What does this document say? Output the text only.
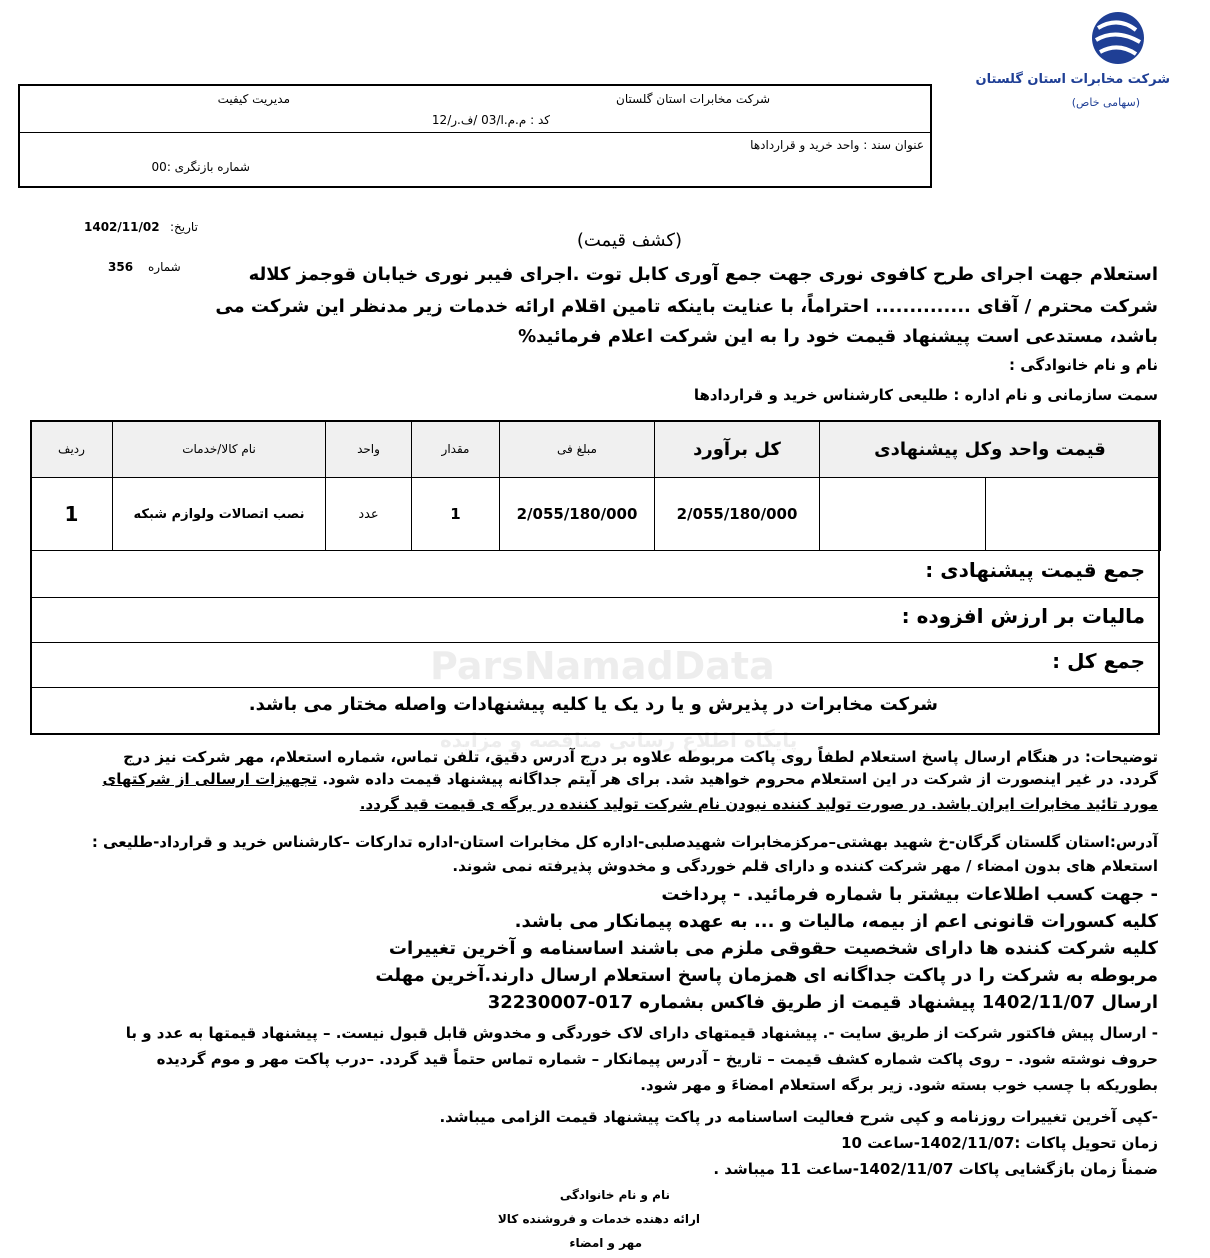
شرکت مخابرات استان گلستان
(سهامی خاص)
شرکت مخابرات استان گلستان
مدیریت کیفیت
کد : م.م.ا/03 /ف.ر/12
عنوان سند : واحد خرید و قراردادها
شماره بازنگری :00
1402/11/02 تاریخ:
356 شماره
(کشف قیمت)
استعلام جهت اجرای طرح کافوی نوری جهت جمع آوری کابل توت .اجرای فیبر نوری خیابان قوجمز کلاله
شرکت محترم / آقای .............. احتراماً، با عنایت باینکه تامین اقلام ارائه خدمات زیر مدنظر این شرکت می
باشد، مستدعی است پیشنهاد قیمت خود را به این شرکت اعلام فرمائید%
نام و نام خانوادگی :
سمت سازمانی و نام اداره : طلیعی کارشناس خرید و قراردادها
قیمت واحد وکل پیشنهادی		کل برآورد	مبلغ فی	مقدار	واحد	نام کالا/خدمات	ردیف
		2/055/180/000	2/055/180/000	1	عدد	نصب اتصالات ولوازم شبکه	1
جمع قیمت پیشنهادی :
مالیات بر ارزش افزوده :
جمع کل :
شرکت مخابرات در پذیرش و یا رد یک یا کلیه پیشنهادات واصله مختار می باشد.
ParsNamadData
پایگاه اطلاع رسانی مناقصه و مزایده
توضیحات: در هنگام ارسال پاسخ استعلام لطفاً روی پاکت مربوطه علاوه بر درج آدرس دقیق، تلفن تماس، شماره استعلام، مهر شرکت نیز درج
گردد. در غیر اینصورت از شرکت در این استعلام محروم خواهید شد. برای هر آیتم جداگانه پیشنهاد قیمت داده شود. تجهیزات ارسالی از شرکتهای
مورد تائید مخابرات ایران باشد. در صورت تولید کننده نبودن نام شرکت تولید کننده در برگه ی قیمت قید گردد.
آدرس:استان گلستان گرگان-خ شهید بهشتی–مرکزمخابرات شهیدصلبی-اداره کل مخابرات استان-اداره تدارکات –کارشناس خرید و قرارداد-طلیعی :
استعلام های بدون امضاء / مهر شرکت کننده و دارای قلم خوردگی و مخدوش پذیرفته نمی شوند.
- جهت کسب اطلاعات بیشتر با شماره فرمائید. - پرداخت
کلیه کسورات قانونی اعم از بیمه، مالیات و ... به عهده پیمانکار می باشد.
کلیه شرکت کننده ها دارای شخصیت حقوقی ملزم می باشند اساسنامه و آخرین تغییرات
مربوطه به شرکت را در پاکت جداگانه ای همزمان پاسخ استعلام ارسال دارند.آخرین مهلت
ارسال 1402/11/07 پیشنهاد قیمت از طریق فاکس بشماره 017-32230007
- ارسال پیش فاکتور شرکت از طریق سایت -. پیشنهاد قیمتهای دارای لاک خوردگی و مخدوش قابل قبول نیست. – پیشنهاد قیمتها به عدد و با
حروف نوشته شود. – روی پاکت شماره کشف قیمت – تاریخ – آدرس پیمانکار – شماره تماس حتماً قید گردد. –درب پاکت مهر و موم گردیده
بطوریکه با چسب خوب بسته شود. زیر برگه استعلام امضاءَ و مهر شود.
-کپی آخرین تغییرات روزنامه و کپی شرح فعالیت اساسنامه در پاکت پیشنهاد قیمت الزامی میباشد.
زمان تحویل پاکات :1402/11/07-ساعت 10
ضمناً زمان بازگشایی پاکات 1402/11/07-ساعت 11 میباشد .
نام و نام خانوادگی
ارائه دهنده خدمات و فروشنده کالا
مهر و امضاء
